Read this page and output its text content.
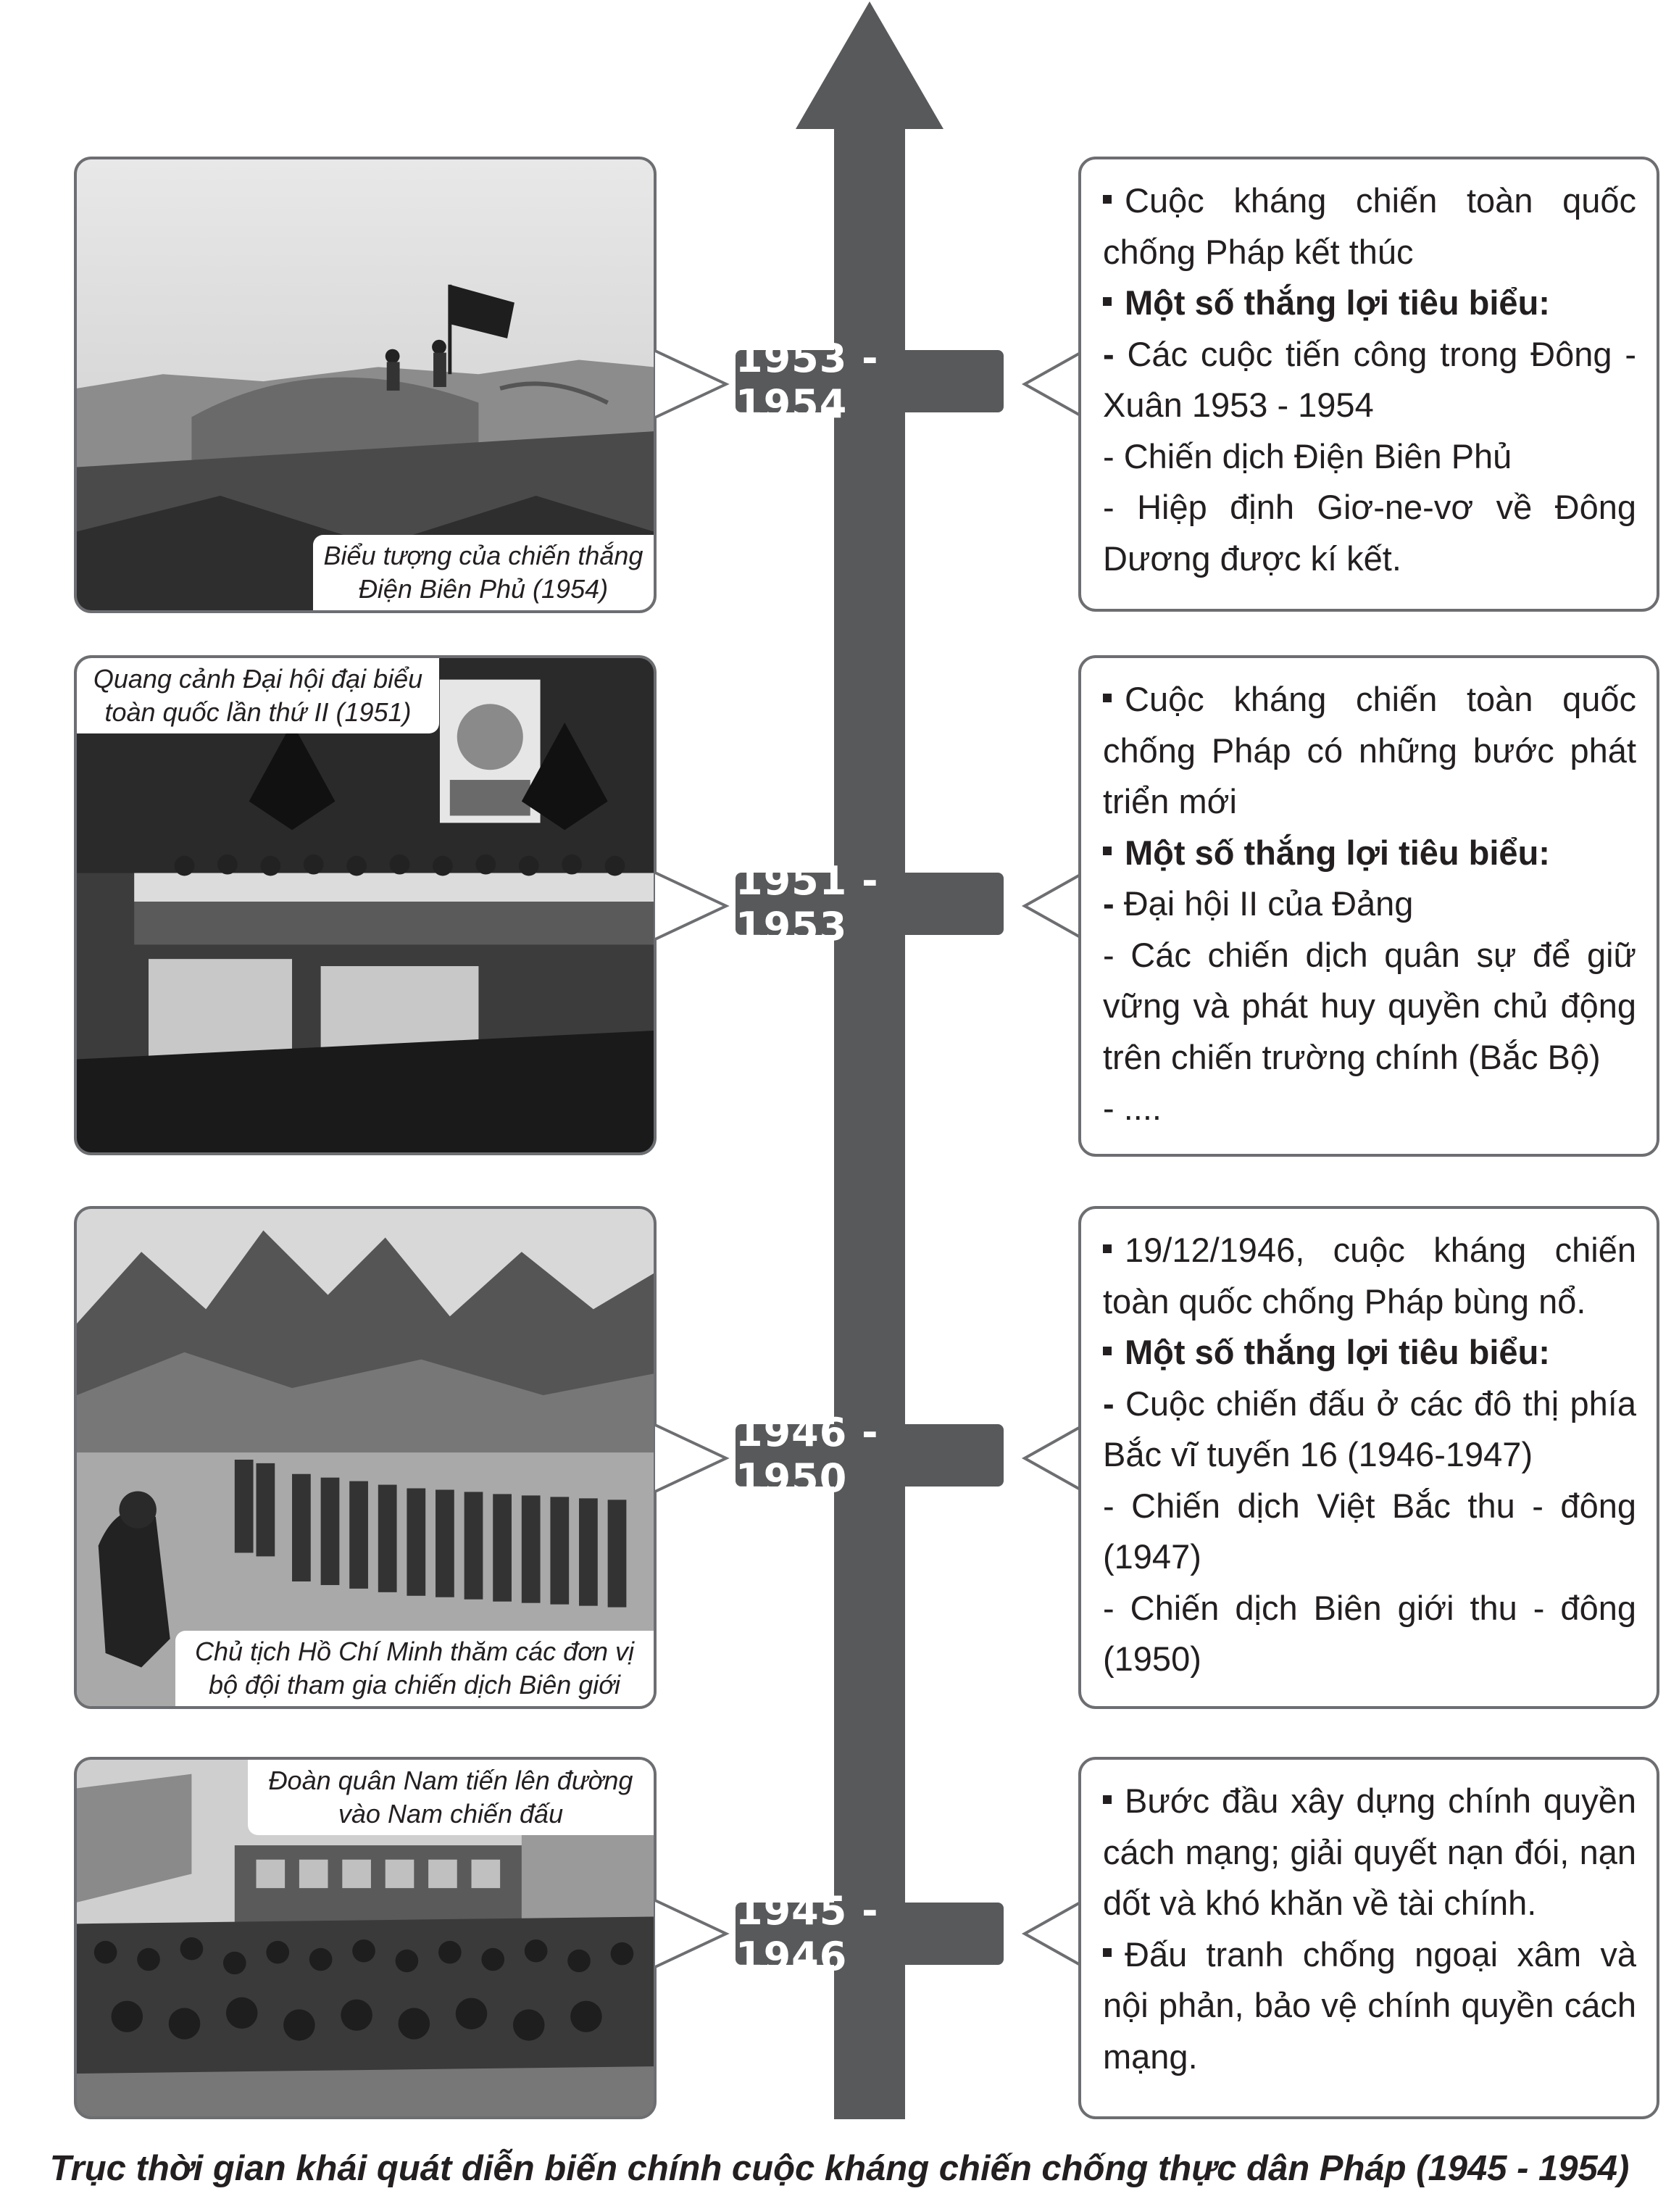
Biểu tượng của chiến thắng
Điện Biên Phủ (1954)
1953 - 1954

Cuộc kháng chiến toàn quốc chống Pháp kết thúc

Một số thắng lợi tiêu biểu:

- Các cuộc tiến công trong Đông - Xuân 1953 - 1954

- Chiến dịch Điện Biên Phủ

- Hiệp định Giơ-ne-vơ về Đông Dương được kí kết.

Quang cảnh Đại hội đại biểu
toàn quốc lần thứ II (1951)
1951 - 1953

Cuộc kháng chiến toàn quốc chống Pháp có những bước phát triển mới

Một số thắng lợi tiêu biểu:

- Đại hội II của Đảng

- Các chiến dịch quân sự để giữ vững và phát huy quyền chủ động trên chiến trường chính (Bắc Bộ)

- ....

Chủ tịch Hồ Chí Minh thăm các đơn vị
bộ đội tham gia chiến dịch Biên giới
1946 - 1950

19/12/1946, cuộc kháng chiến toàn quốc chống Pháp bùng nổ.

Một số thắng lợi tiêu biểu:

- Cuộc chiến đấu ở các đô thị phía Bắc vĩ tuyến 16 (1946-1947)

- Chiến dịch Việt Bắc thu - đông (1947)

- Chiến dịch Biên giới thu - đông (1950)

Đoàn quân Nam tiến lên đường
vào Nam chiến đấu
1945 - 1946

Bước đầu xây dựng chính quyền cách mạng; giải quyết nạn đói, nạn dốt và khó khăn về tài chính.

Đấu tranh chống ngoại xâm và nội phản, bảo vệ chính quyền cách mạng.

Trục thời gian khái quát diễn biến chính cuộc kháng chiến chống thực dân Pháp (1945 - 1954)
